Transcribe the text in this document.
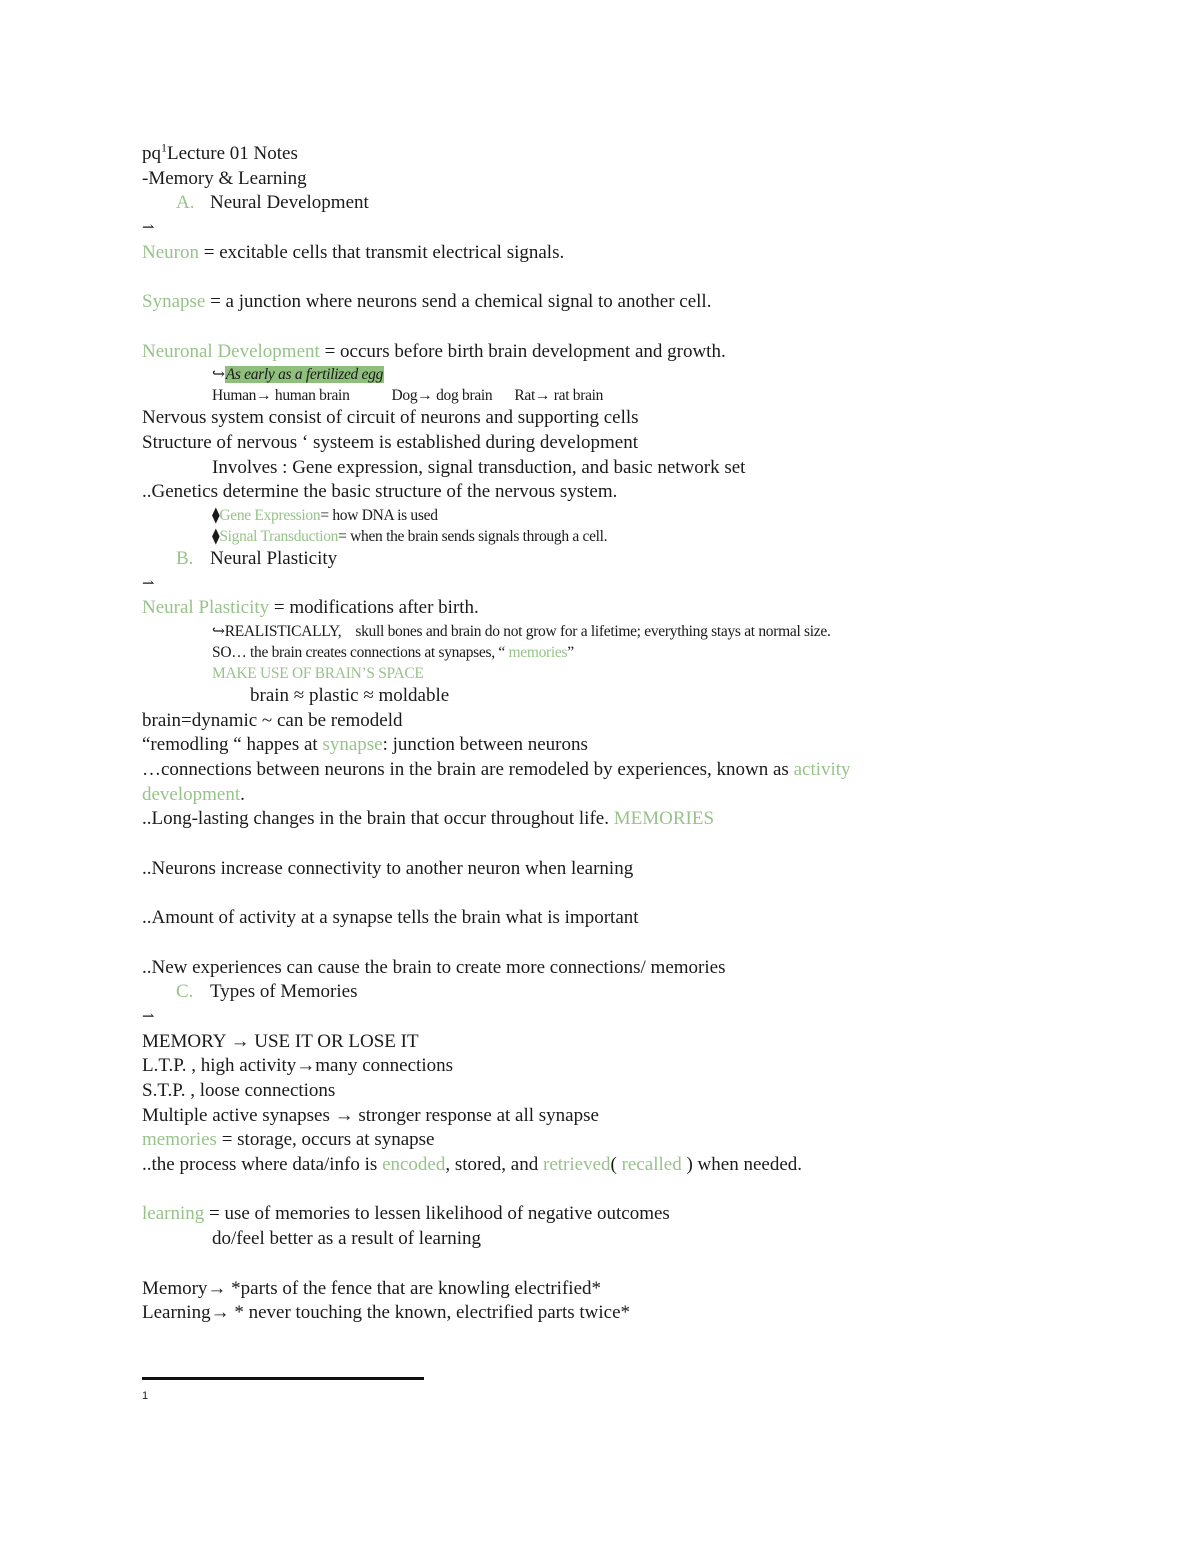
$pq^1Lecture$ 01 Notes
-Memory & Learning
A. Neural Development
⇀
Neuron = excitable cells that transmit electrical signals.
Synapse = a junction where neurons send a chemical signal to another cell.
Neuronal Development = occurs before birth brain development and growth.
↪As early as a fertilized egg
Human→ human brain	Dog→ dog brain Rat→ rat brain
Nervous system consist of circuit of neurons and supporting cells
Structure of nervous ‘ systeem is established during development
Involves : Gene expression, signal transduction, and basic network set
..Genetics determine the basic structure of the nervous system.
⧫Gene Expression= how DNA is used
⧫Signal Transduction= when the brain sends signals through a cell.
B. Neural Plasticity
⇀
Neural Plasticity = modifications after birth.
↪REALISTICALLY, skull bones and brain do not grow for a lifetime; everything stays at normal size.
SO… the brain creates connections at synapses, “ memories”
MAKE USE OF BRAIN’S SPACE
brain ≈ plastic ≈ moldable
brain=dynamic ~ can be remodeld
“remodling “ happes at synapse: junction between neurons
…connections between neurons in the brain are remodeled by experiences, known as activity
development.
..Long-lasting changes in the brain that occur throughout life. MEMORIES
..Neurons increase connectivity to another neuron when learning
..Amount of activity at a synapse tells the brain what is important
..New experiences can cause the brain to create more connections/ memories
C. Types of Memories
⇀
MEMORY → USE IT OR LOSE IT
L.T.P. , high activity→many connections
S.T.P. , loose connections
Multiple active synapses → stronger response at all synapse
memories = storage, occurs at synapse
..the process where data/info is encoded, stored, and retrieved( recalled ) when needed.
learning = use of memories to lessen likelihood of negative outcomes
do/feel better as a result of learning
Memory→ *parts of the fence that are knowling electrified*
Learning→ * never touching the known, electrified parts twice*
1
